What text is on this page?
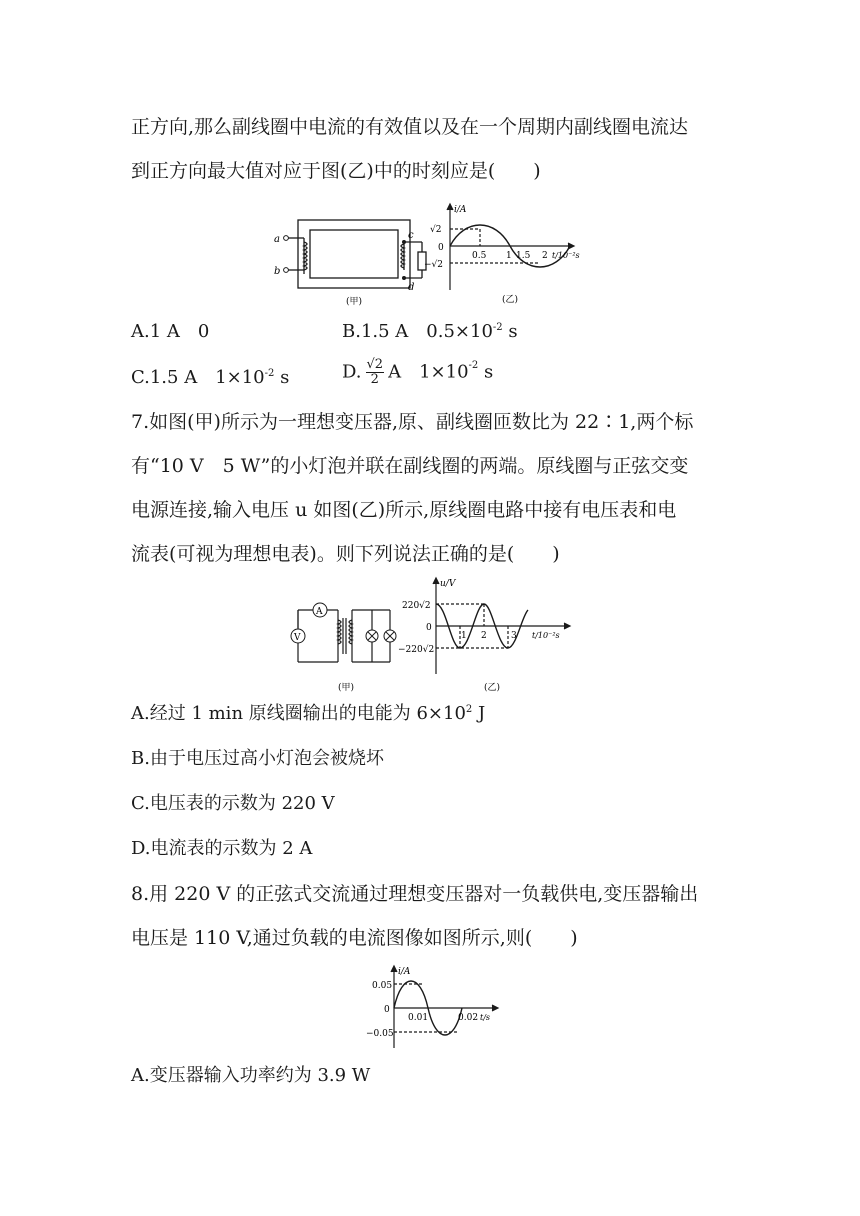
正方向,那么副线圈中电流的有效值以及在一个周期内副线圈电流达
到正方向最大值对应于图(乙)中的时刻应是(　　)
a
b
c
d
(甲)
i/A
√2
0
−√2
0.5 1 1.5 2 t/10⁻²s
(乙)
A.1 A　0	B.1.5 A　$0.5\times 10^{-2}$ s
C.1.5 A　$1\times 10^{-2}$ s	D. $\frac{√2}{2}$ A　$1\times 10^{-2}$ s
7.如图(甲)所示为一理想变压器,原、副线圈匝数比为 22∶1,两个标
有“10 V　5 W”的小灯泡并联在副线圈的两端。原线圈与正弦交变
电源连接,输入电压 u 如图(乙)所示,原线圈电路中接有电压表和电
流表(可视为理想电表)。则下列说法正确的是(　　)
A
V
(甲)
u/V
220√2
0
−220√2
1 2	3 t/10⁻²s
(乙)
A.经过 1 min 原线圈输出的电能为 $6\times 10^2$ J
B.由于电压过高小灯泡会被烧坏
C.电压表的示数为 220 V
D.电流表的示数为 2 A
8.用 220 V 的正弦式交流通过理想变压器对一负载供电,变压器输出
电压是 110 V,通过负载的电流图像如图所示,则(　　)
i/A
0.05
0
−0.05
0.01	0.02 t/s
A.变压器输入功率约为 3.9 W
